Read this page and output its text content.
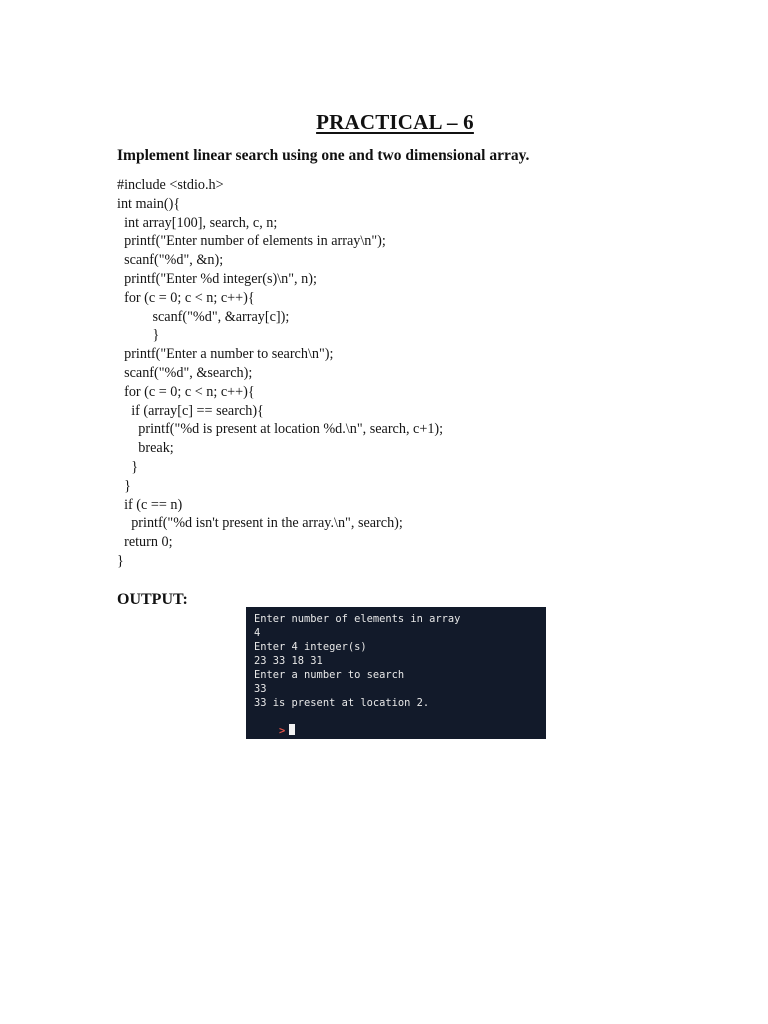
PRACTICAL – 6
Implement linear search using one and two dimensional array.
#include <stdio.h>
int main(){
int array[100], search, c, n;
printf("Enter number of elements in array\n");
scanf("%d", &n);
printf("Enter %d integer(s)\n", n);
for (c = 0; c < n; c++){
scanf("%d", &array[c]);
}
printf("Enter a number to search\n");
scanf("%d", &search);
for (c = 0; c < n; c++){
if (array[c] == search){
printf("%d is present at location %d.\n", search, c+1);
break;
}
}
if (c == n)
printf("%d isn't present in the array.\n", search);
return 0;
}
OUTPUT:
Enter number of elements in array
4
Enter 4 integer(s)
23 33 18 31
Enter a number to search
33
33 is present at location 2.

>
